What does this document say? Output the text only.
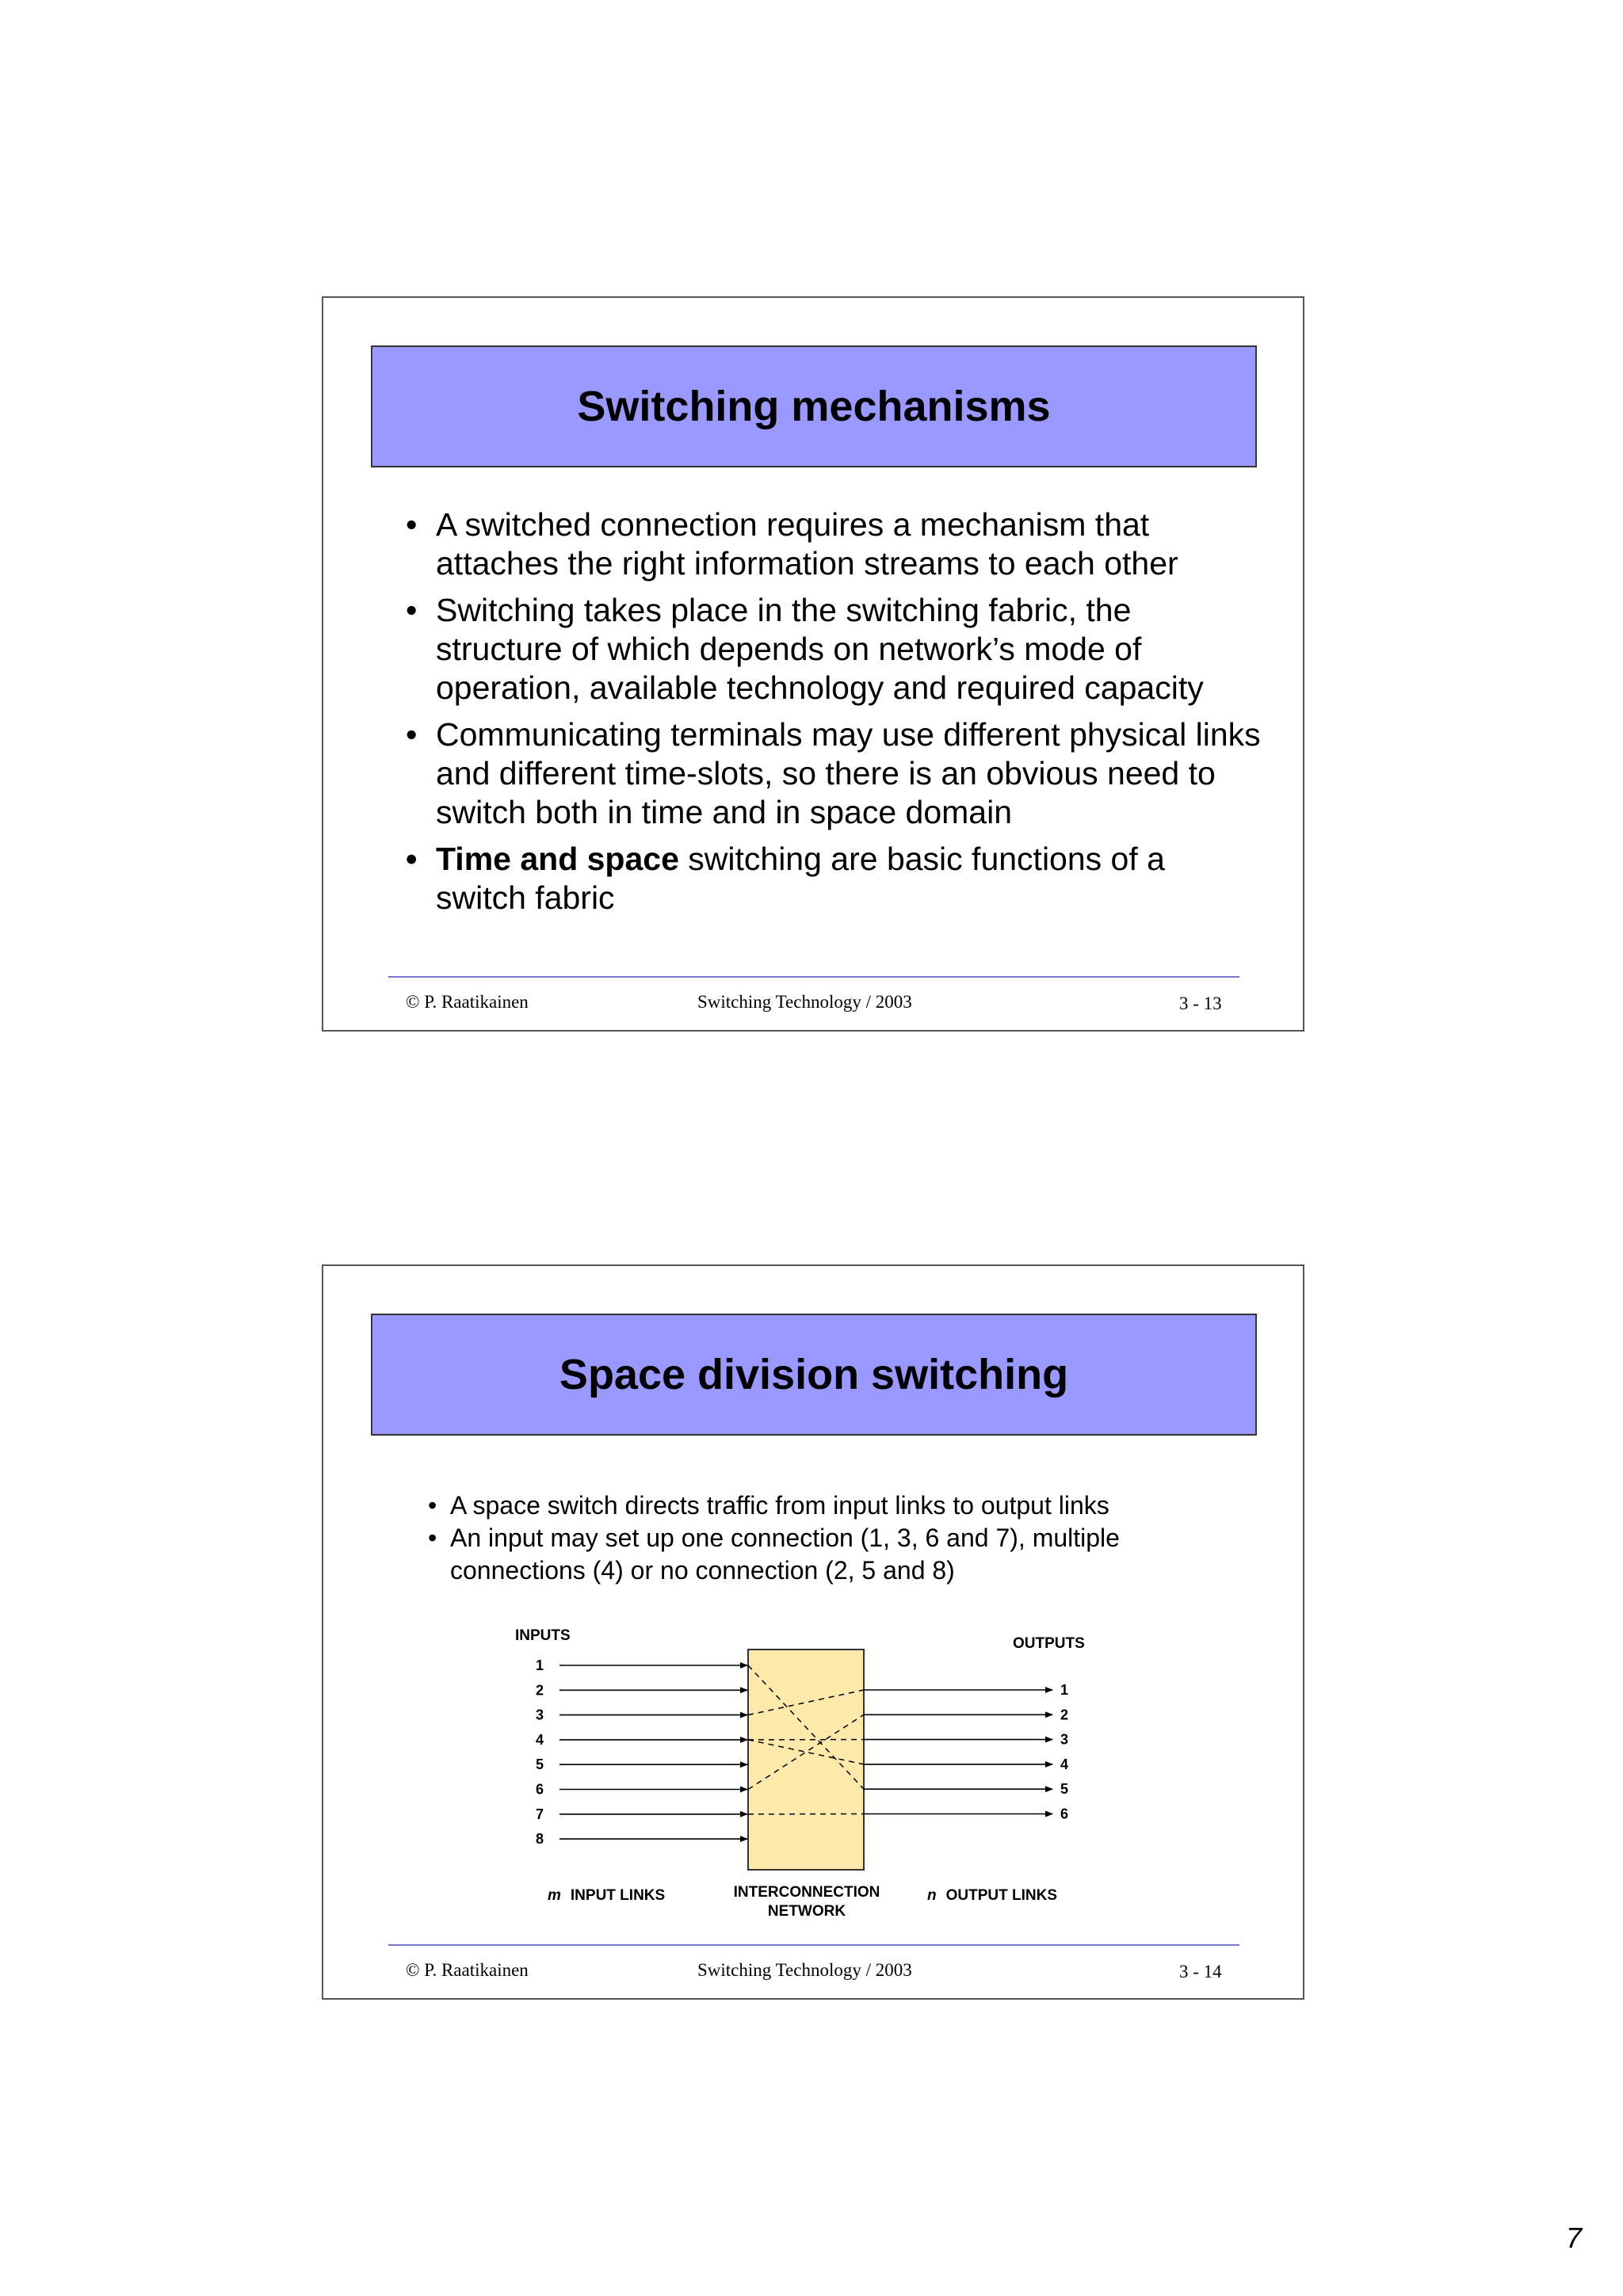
Switching mechanisms
• A switched connection requires a mechanism that attaches the right information streams to each other
• Switching takes place in the switching fabric, the structure of which depends on network’s mode of operation, available technology and required capacity
• Communicating terminals may use different physical links and different time-slots, so there is an obvious need to switch both in time and in space domain
• Time and space switching are basic functions of a switch fabric
© P. Raatikainen	Switching Technology / 2003	3 - 13
Space division switching
• A space switch directs traffic from input links to output links
• An input may set up one connection (1, 3, 6 and 7), multiple connections (4) or no connection (2, 5 and 8)
1
2
3
4
5
6
7
8
1
2
3
4
5
6
INPUTS	OUTPUTS
m INPUT LINKS	INTERCONNECTION
NETWORK
n OUTPUT LINKS
© P. Raatikainen	Switching Technology / 2003	3 - 14
7
